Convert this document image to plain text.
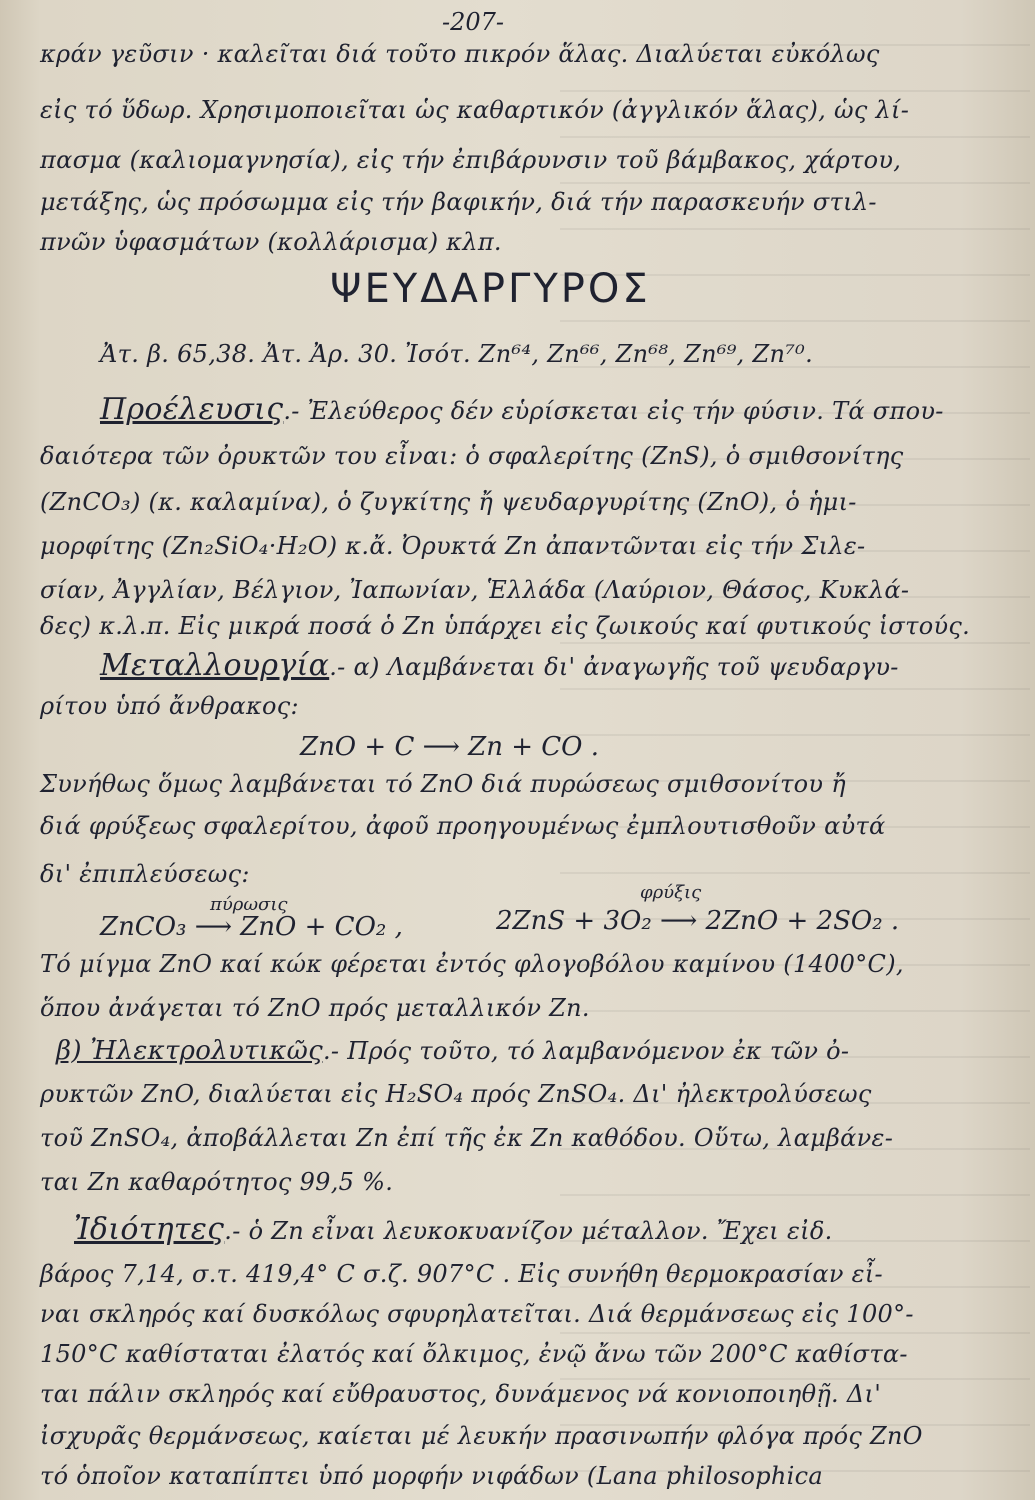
-207-
κράν γεῦσιν · καλεῖται διά τοῦτο πικρόν ἅλας. Διαλύεται εὐκόλως
εἰς τό ὕδωρ. Χρησιμοποιεῖται ὡς καθαρτικόν (ἀγγλικόν ἅλας), ὡς λί-
πασμα (καλιομαγνησία), εἰς τήν ἐπιβάρυνσιν τοῦ βάμβακος, χάρτου,
μετάξης, ὡς πρόσωμμα εἰς τήν βαφικήν, διά τήν παρασκευήν στιλ-
πνῶν ὑφασμάτων (κολλάρισμα) κλπ.
ΨΕΥΔΑΡΓΥΡΟΣ
Ἀτ. β. 65,38. Ἀτ. Ἀρ. 30. Ἰσότ. Zn⁶⁴, Zn⁶⁶, Zn⁶⁸, Zn⁶⁹, Zn⁷⁰.
Προέλευσις.- Ἐλεύθερος δέν εὑρίσκεται εἰς τήν φύσιν. Τά σπου-
δαιότερα τῶν ὀρυκτῶν του εἶναι: ὁ σφαλερίτης (ZnS), ὁ σμιθσονίτης
(ZnCO₃) (κ. καλαμίνα), ὁ ζυγκίτης ἤ ψευδαργυρίτης (ZnO), ὁ ἡμι-
μορφίτης (Zn₂SiO₄·H₂O) κ.ἄ. Ὀρυκτά Zn ἀπαντῶνται εἰς τήν Σιλε-
σίαν, Ἀγγλίαν, Βέλγιον, Ἰαπωνίαν, Ἑλλάδα (Λαύριον, Θάσος, Κυκλά-
δες) κ.λ.π. Εἰς μικρά ποσά ὁ Zn ὑπάρχει εἰς ζωικούς καί φυτικούς ἱστούς.
Μεταλλουργία.- α) Λαμβάνεται δι' ἀναγωγῆς τοῦ ψευδαργυ-
ρίτου ὑπό ἄνθρακος:
ZnO + C ⟶ Zn + CO .
Συνήθως ὅμως λαμβάνεται τό ZnO διά πυρώσεως σμιθσονίτου ἤ
διά φρύξεως σφαλερίτου, ἀφοῦ προηγουμένως ἐμπλουτισθοῦν αὐτά
δι' ἐπιπλεύσεως:
πύρωσις
ZnCO₃ ⟶ ZnO + CO₂ ,
φρύξις
2ZnS + 3O₂ ⟶ 2ZnO + 2SO₂ .
Τό μίγμα ZnO καί κώκ φέρεται ἐντός φλογοβόλου καμίνου (1400°C),
ὅπου ἀνάγεται τό ZnO πρός μεταλλικόν Zn.
β) Ἠλεκτρολυτικῶς.- Πρός τοῦτο, τό λαμβανόμενον ἐκ τῶν ὀ-
ρυκτῶν ZnO, διαλύεται εἰς H₂SO₄ πρός ZnSO₄. Δι' ἠλεκτρολύσεως
τοῦ ZnSO₄, ἀποβάλλεται Zn ἐπί τῆς ἐκ Zn καθόδου. Οὕτω, λαμβάνε-
ται Zn καθαρότητος 99,5 %.
Ἰδιότητες.- ὁ Zn εἶναι λευκοκυανίζον μέταλλον. Ἔχει εἰδ.
βάρος 7,14, σ.τ. 419,4° C σ.ζ. 907°C . Εἰς συνήθη θερμοκρασίαν εἶ-
ναι σκληρός καί δυσκόλως σφυρηλατεῖται. Διά θερμάνσεως εἰς 100°-
150°C καθίσταται ἐλατός καί ὄλκιμος, ἐνῷ ἄνω τῶν 200°C καθίστα-
ται πάλιν σκληρός καί εὔθραυστος, δυνάμενος νά κονιοποιηθῇ. Δι'
ἰσχυρᾶς θερμάνσεως, καίεται μέ λευκήν πρασινωπήν φλόγα πρός ZnO
τό ὁποῖον καταπίπτει ὑπό μορφήν νιφάδων (Lana philosophica
